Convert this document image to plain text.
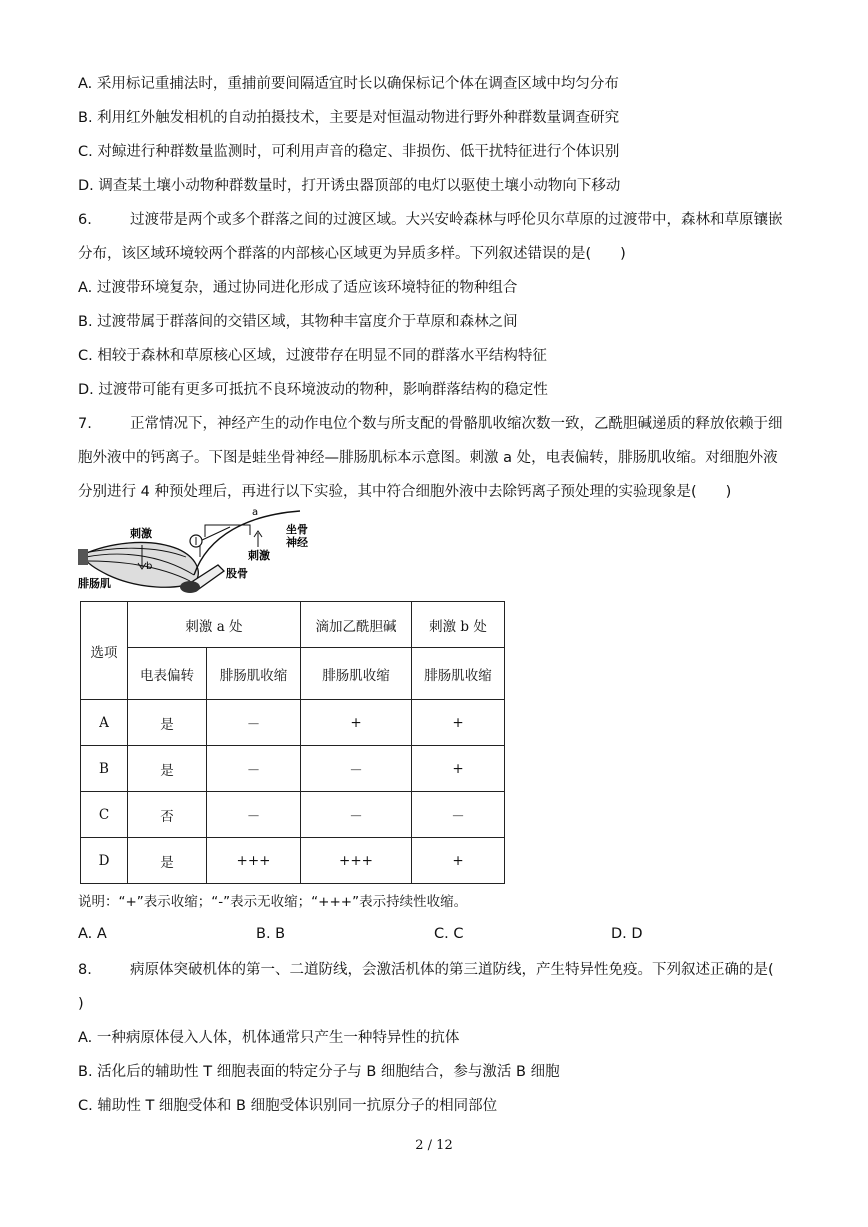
A. 采用标记重捕法时，重捕前要间隔适宜时长以确保标记个体在调查区域中均匀分布
B. 利用红外触发相机的自动拍摄技术，主要是对恒温动物进行野外种群数量调查研究
C. 对鲸进行种群数量监测时，可利用声音的稳定、非损伤、低干扰特征进行个体识别
D. 调查某土壤小动物种群数量时，打开诱虫器顶部的电灯以驱使土壤小动物向下移动
6.	过渡带是两个或多个群落之间的过渡区域。大兴安岭森林与呼伦贝尔草原的过渡带中，森林和草原镶嵌
分布，该区域环境较两个群落的内部核心区域更为异质多样。下列叙述错误的是(　　)
A. 过渡带环境复杂，通过协同进化形成了适应该环境特征的物种组合
B. 过渡带属于群落间的交错区域，其物种丰富度介于草原和森林之间
C. 相较于森林和草原核心区域，过渡带存在明显不同的群落水平结构特征
D. 过渡带可能有更多可抵抗不良环境波动的物种，影响群落结构的稳定性
7.	正常情况下，神经产生的动作电位个数与所支配的骨骼肌收缩次数一致，乙酰胆碱递质的释放依赖于细
胞外液中的钙离子。下图是蛙坐骨神经—腓肠肌标本示意图。刺激 a 处，电表偏转，腓肠肌收缩。对细胞外液
分别进行 4 种预处理后，再进行以下实验，其中符合细胞外液中去除钙离子预处理的实验现象是(　　)
刺激
b
a
刺激
坐骨
神经
股骨
腓肠肌
选项	刺激 a 处		滴加乙酰胆碱	刺激 b 处
	电表偏转	腓肠肌收缩	腓肠肌收缩	腓肠肌收缩
A	是	－	+	+
B	是	－	－	+
C	否	－	－	－
D	是	+++	+++	+
说明：“+”表示收缩；“-”表示无收缩；“+++”表示持续性收缩。
A. A	B. B	C. C	D. D
8.	病原体突破机体的第一、二道防线，会激活机体的第三道防线，产生特异性免疫。下列叙述正确的是(
)
A. 一种病原体侵入人体，机体通常只产生一种特异性的抗体
B. 活化后的辅助性 T 细胞表面的特定分子与 B 细胞结合，参与激活 B 细胞
C. 辅助性 T 细胞受体和 B 细胞受体识别同一抗原分子的相同部位
2 / 12
